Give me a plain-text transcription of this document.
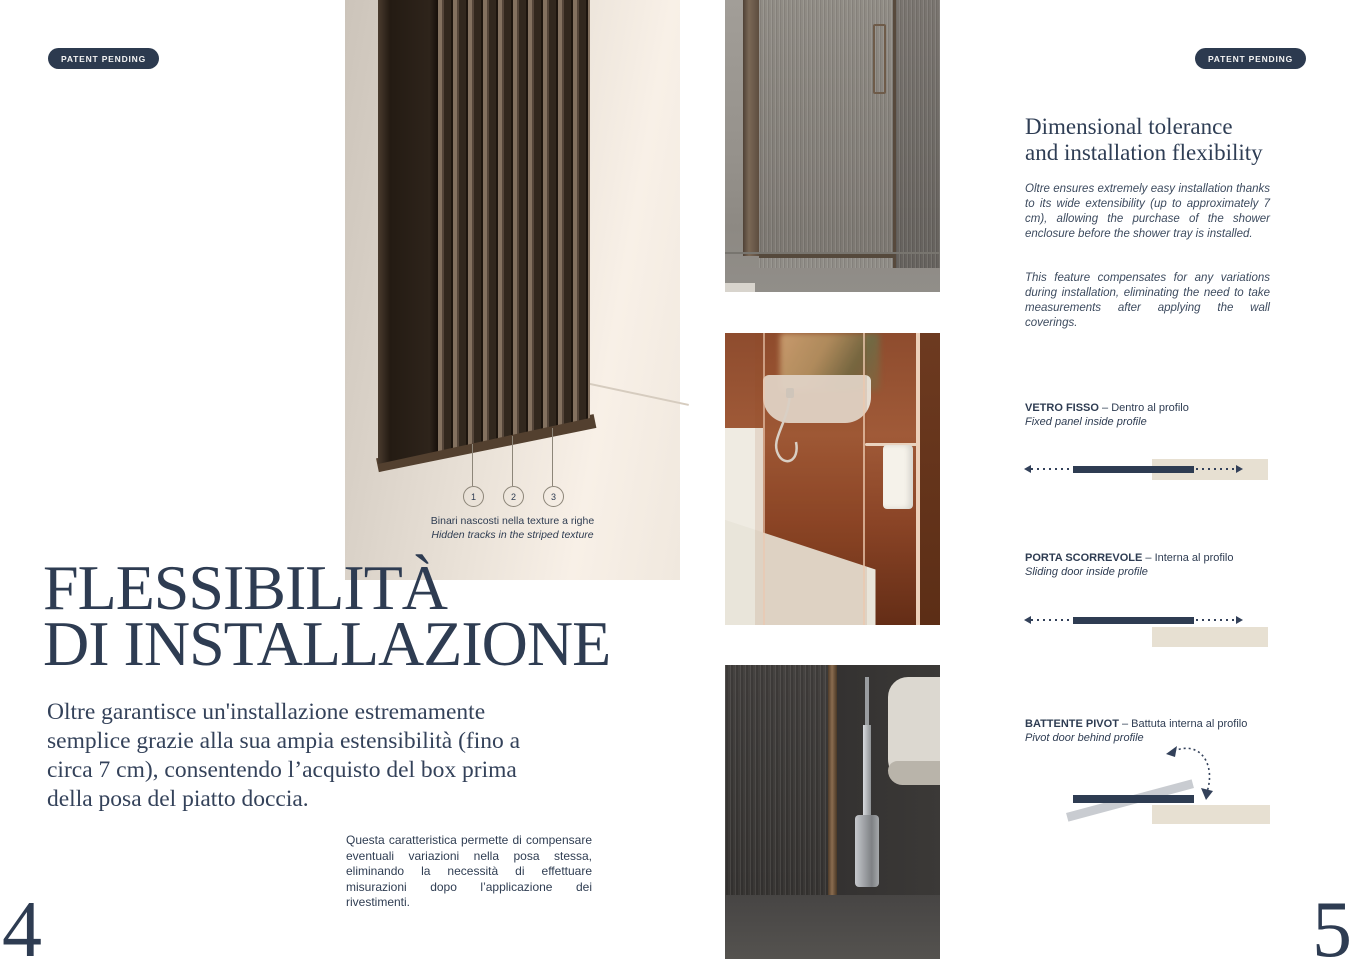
PATENT PENDING	PATENT PENDING
1	2	3
Binari nascosti nella texture a righe
Hidden tracks in the striped texture
FLESSIBILITÀ
DI INSTALLAZIONE
Oltre garantisce un'installazione estremamente semplice grazie alla sua ampia estensibilità (fino a circa 7 cm), consentendo l’acquisto del box prima della posa del piatto doccia.
Questa caratteristica permette di compensare eventuali variazioni nella posa stessa, eliminando la necessità di effettuare misurazioni dopo l’applicazione dei rivestimenti.
4	5
Dimensional tolerance
and installation flexibility
Oltre ensures extremely easy installation thanks to its wide extensibility (up to approximately 7 cm), allowing the purchase of the shower enclosure before the shower tray is installed.
This feature compensates for any variations during installation, eliminating the need to take measurements after applying the wall coverings.
VETRO FISSO – Dentro al profilo
Fixed panel inside profile
PORTA SCORREVOLE – Interna al profilo
Sliding door inside profile
BATTENTE PIVOT – Battuta interna al profilo
Pivot door behind profile
